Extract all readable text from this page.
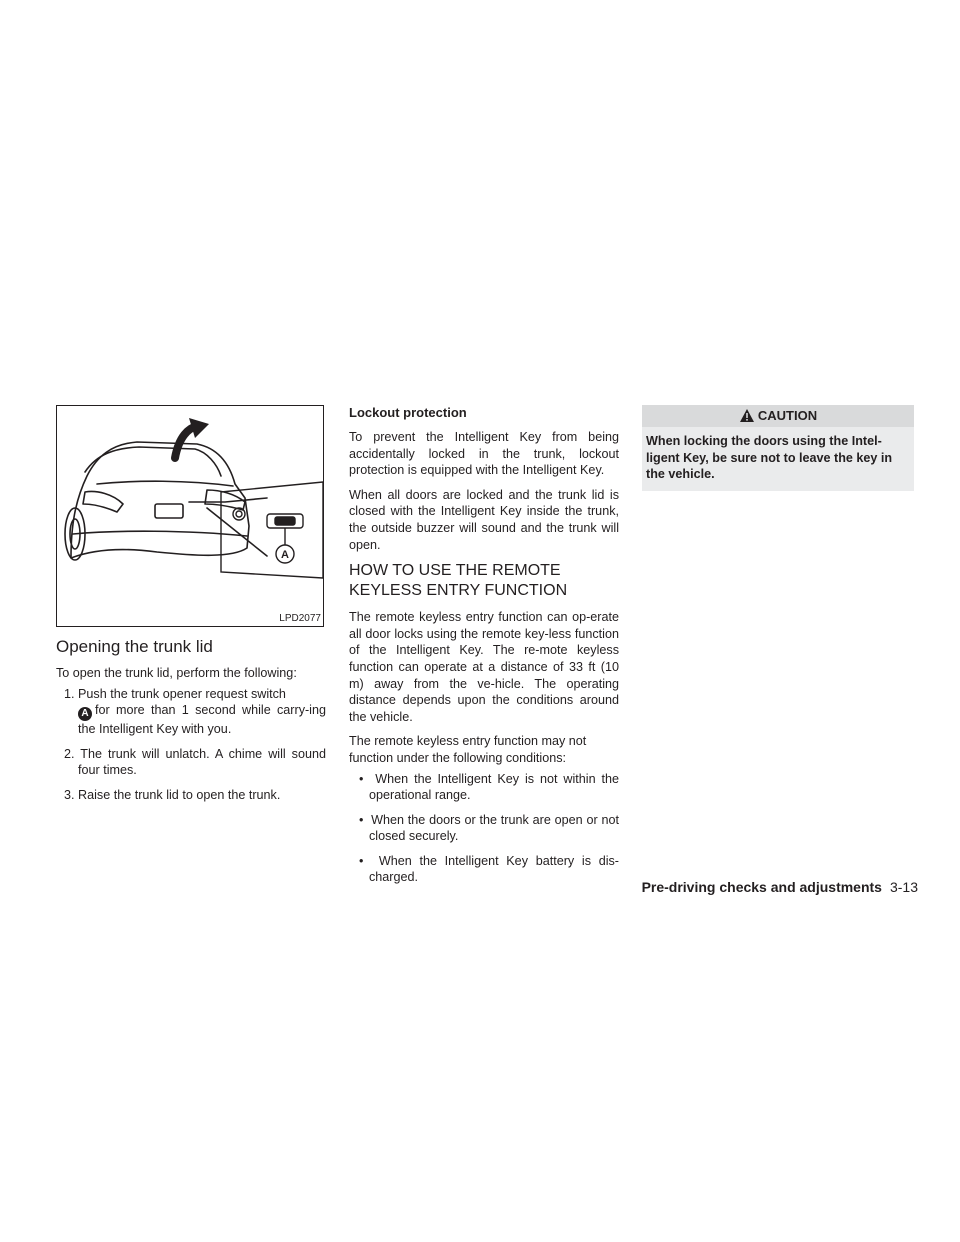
A
LPD2077
Opening the trunk lid

To open the trunk lid, perform the following:

1. Push the trunk opener request switch
A for more than 1 second while carry-ing the Intelligent Key with you.
2. The trunk will unlatch. A chime will sound four times.
3. Raise the trunk lid to open the trunk.
Lockout protection

To prevent the Intelligent Key from being accidentally locked in the trunk, lockout protection is equipped with the Intelligent Key.

When all doors are locked and the trunk lid is closed with the Intelligent Key inside the trunk, the outside buzzer will sound and the trunk will open.

HOW TO USE THE REMOTE
KEYLESS ENTRY FUNCTION

The remote keyless entry function can op-erate all door locks using the remote key-less function of the Intelligent Key. The re-mote keyless function can operate at a distance of 33 ft (10 m) away from the ve-hicle. The operating distance depends upon the conditions around the vehicle.

The remote keyless entry function may not function under the following conditions:

• When the Intelligent Key is not within the operational range.
• When the doors or the trunk are open or not closed securely.
• When the Intelligent Key battery is dis-charged.
CAUTION
When locking the doors using the Intel-ligent Key, be sure not to leave the key in the vehicle.
Pre-driving checks and adjustments 3-13
